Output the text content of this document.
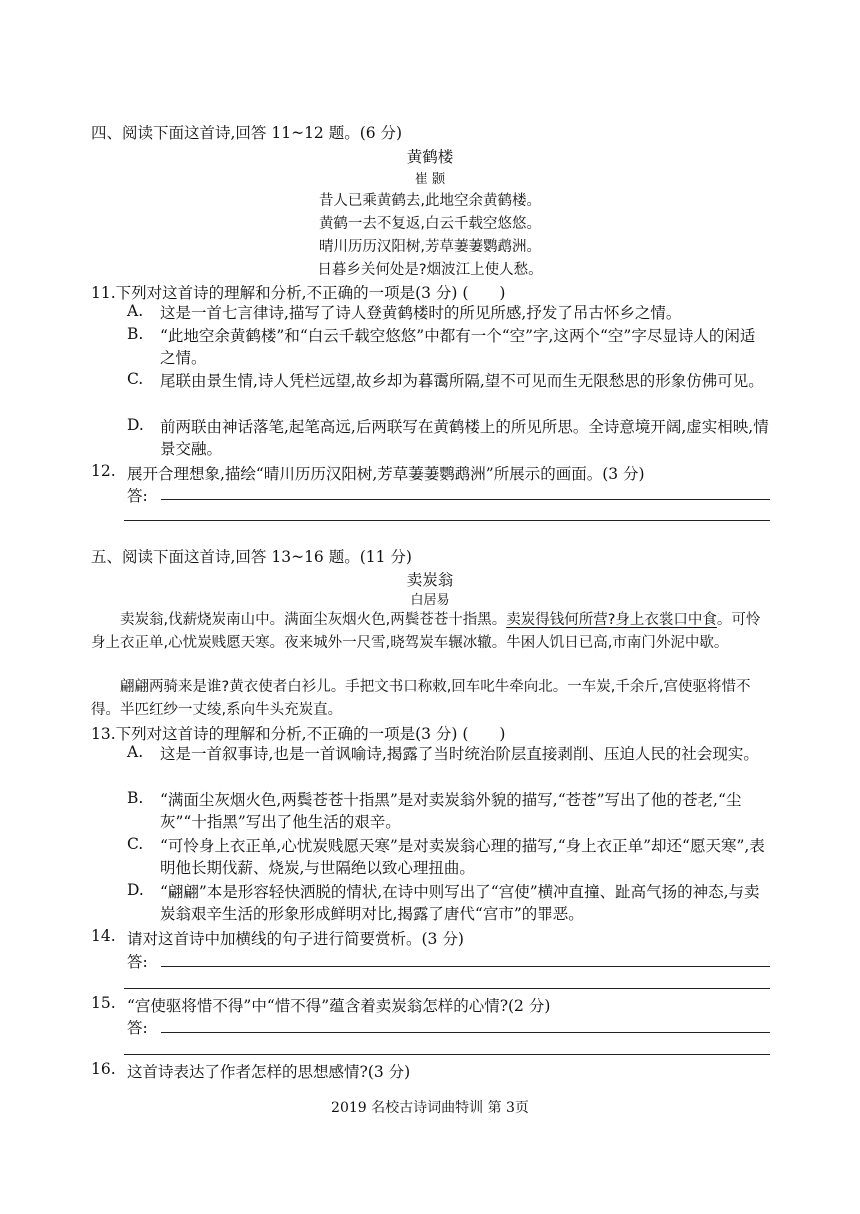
四、阅读下面这首诗,回答 11~12 题。(6 分)
黄鹤楼
崔 颢
昔人已乘黄鹤去,此地空余黄鹤楼。
黄鹤一去不复返,白云千载空悠悠。
晴川历历汉阳树,芳草萋萋鹦鹉洲。
日暮乡关何处是?烟波江上使人愁。
11.下列对这首诗的理解和分析,不正确的一项是(3 分) (　　)
A. 这是一首七言律诗,描写了诗人登黄鹤楼时的所见所感,抒发了吊古怀乡之情。
B. “此地空余黄鹤楼”和“白云千载空悠悠”中都有一个“空”字,这两个“空”字尽显诗人的闲适之情。
C. 尾联由景生情,诗人凭栏远望,故乡却为暮霭所隔,望不可见而生无限愁思的形象仿佛可见。
D. 前两联由神话落笔,起笔高远,后两联写在黄鹤楼上的所见所思。全诗意境开阔,虚实相映,情景交融。
12. 展开合理想象,描绘“晴川历历汉阳树,芳草萋萋鹦鹉洲”所展示的画面。(3 分)
答:
五、阅读下面这首诗,回答 13~16 题。(11 分)
卖炭翁
白居易
卖炭翁,伐薪烧炭南山中。满面尘灰烟火色,两鬓苍苍十指黑。卖炭得钱何所营?身上衣裳口中食。可怜身上衣正单,心忧炭贱愿天寒。夜来城外一尺雪,晓驾炭车辗冰辙。牛困人饥日已高,市南门外泥中歇。
翩翩两骑来是谁?黄衣使者白衫儿。手把文书口称敕,回车叱牛牵向北。一车炭,千余斤,宫使驱将惜不得。半匹红纱一丈绫,系向牛头充炭直。
13.下列对这首诗的理解和分析,不正确的一项是(3 分) (　　)
A. 这是一首叙事诗,也是一首讽喻诗,揭露了当时统治阶层直接剥削、压迫人民的社会现实。
B. “满面尘灰烟火色,两鬓苍苍十指黑”是对卖炭翁外貌的描写,“苍苍”写出了他的苍老,“尘灰”“十指黑”写出了他生活的艰辛。
C. “可怜身上衣正单,心忧炭贱愿天寒”是对卖炭翁心理的描写,“身上衣正单”却还“愿天寒”,表明他长期伐薪、烧炭,与世隔绝以致心理扭曲。
D. “翩翩”本是形容轻快洒脱的情状,在诗中则写出了“宫使”横冲直撞、趾高气扬的神态,与卖炭翁艰辛生活的形象形成鲜明对比,揭露了唐代“宫市”的罪恶。
14. 请对这首诗中加横线的句子进行简要赏析。(3 分)
答:
15. “宫使驱将惜不得”中“惜不得”蕴含着卖炭翁怎样的心情?(2 分)
答:
16. 这首诗表达了作者怎样的思想感情?(3 分)
2019 名校古诗词曲特训 第 3页
